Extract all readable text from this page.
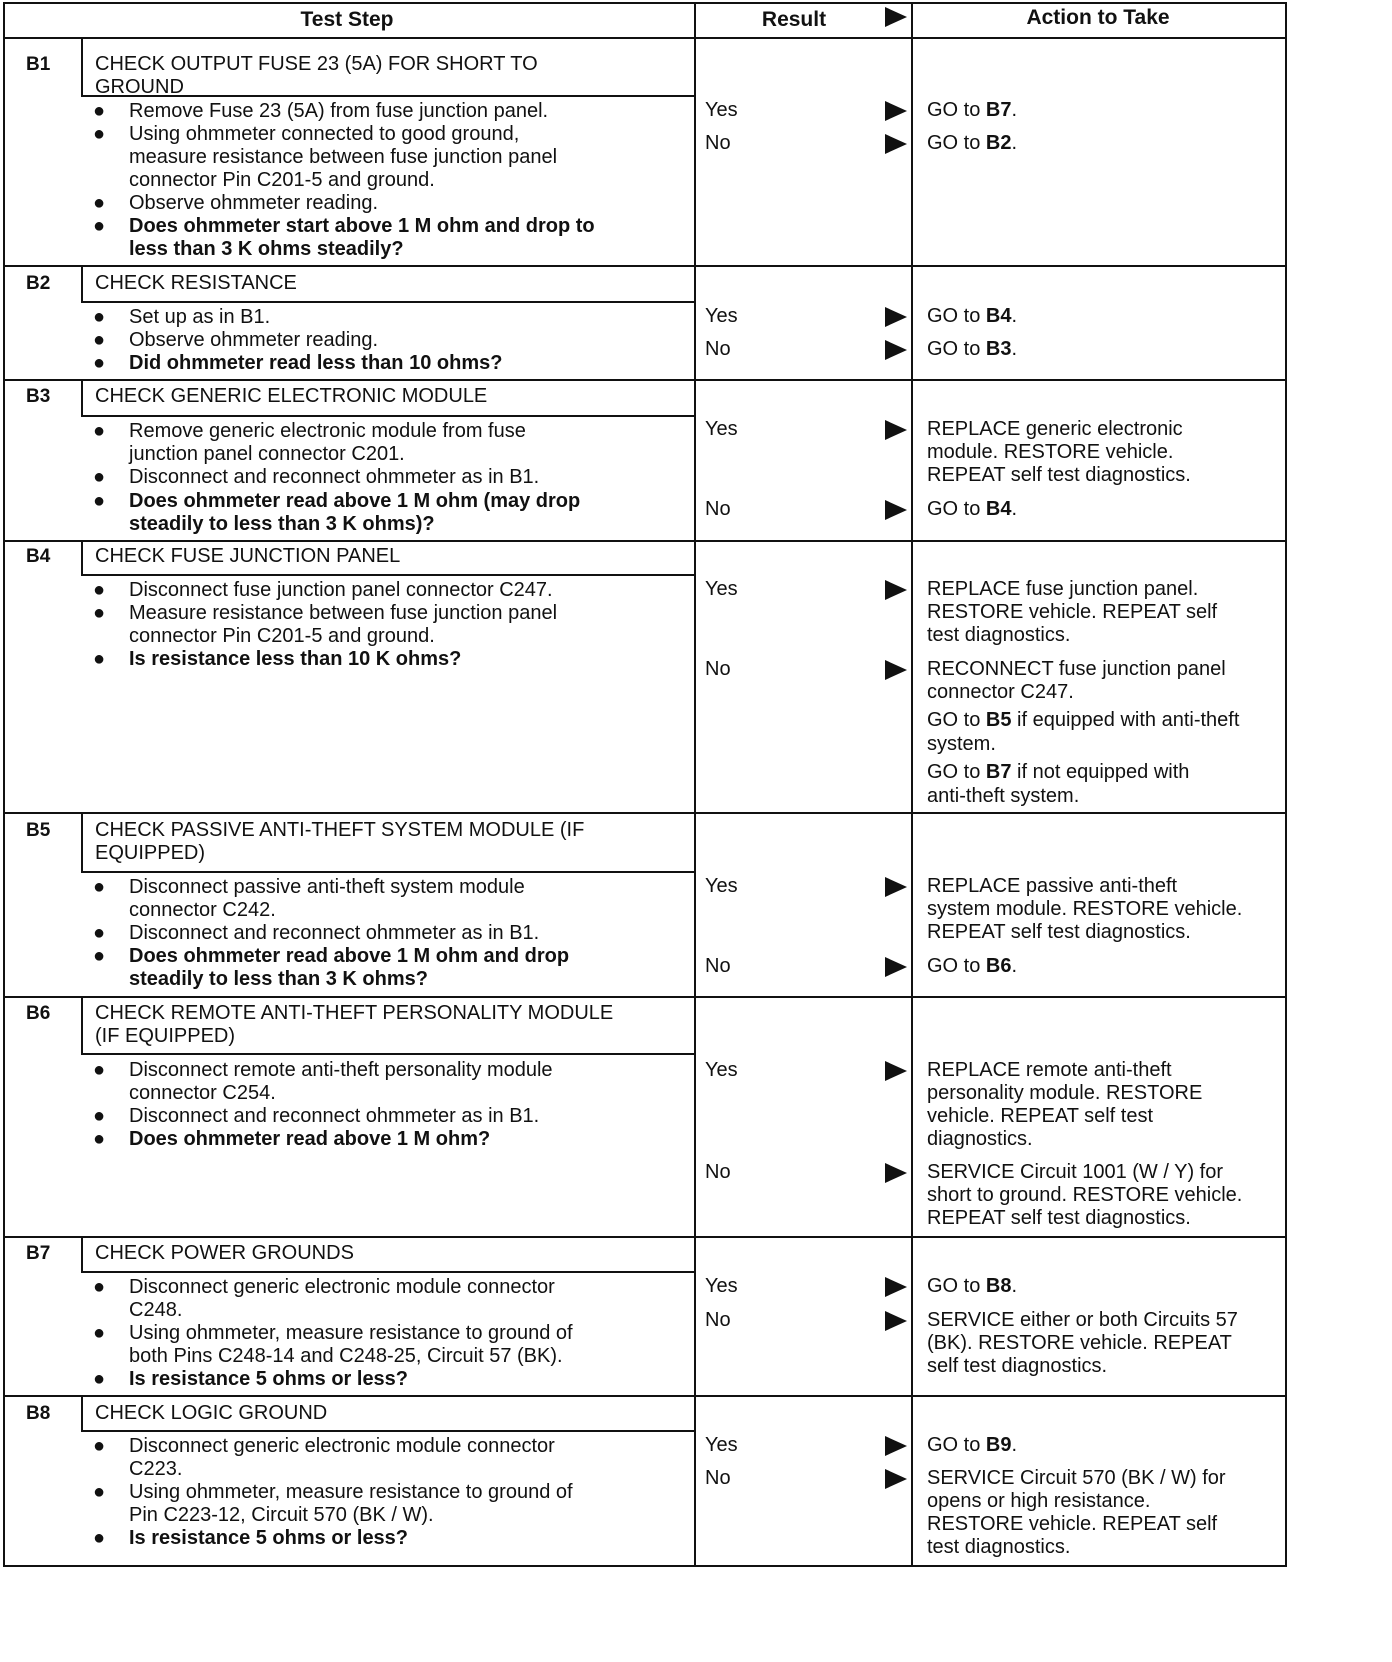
Test Step	Result	Action to Take
B1 CHECK OUTPUT FUSE 23 (5A) FOR SHORT TO
GROUND
● Remove Fuse 23 (5A) from fuse junction panel.
● Using ohmmeter connected to good ground,
measure resistance between fuse junction panel
connector Pin C201-5 and ground.
● Observe ohmmeter reading.
● Does ohmmeter start above 1 M ohm and drop to
less than 3 K ohms steadily?
Yes	GO to B7.
No	GO to B2.
B2 CHECK RESISTANCE
● Set up as in B1.
● Observe ohmmeter reading.
● Did ohmmeter read less than 10 ohms?
Yes	GO to B4.
No	GO to B3.
B3 CHECK GENERIC ELECTRONIC MODULE
● Remove generic electronic module from fuse
junction panel connector C201.
● Disconnect and reconnect ohmmeter as in B1.
● Does ohmmeter read above 1 M ohm (may drop
steadily to less than 3 K ohms)?
Yes	REPLACE generic electronic
module. RESTORE vehicle.
REPEAT self test diagnostics.
No	GO to B4.
B4 CHECK FUSE JUNCTION PANEL
● Disconnect fuse junction panel connector C247.
● Measure resistance between fuse junction panel
connector Pin C201-5 and ground.
● Is resistance less than 10 K ohms?
Yes	REPLACE fuse junction panel.
RESTORE vehicle. REPEAT self
test diagnostics.
No	RECONNECT fuse junction panel
connector C247.
GO to B5 if equipped with anti-theft
system.
GO to B7 if not equipped with
anti-theft system.
B5 CHECK PASSIVE ANTI-THEFT SYSTEM MODULE (IF
EQUIPPED)
● Disconnect passive anti-theft system module
connector C242.
● Disconnect and reconnect ohmmeter as in B1.
● Does ohmmeter read above 1 M ohm and drop
steadily to less than 3 K ohms?
Yes	REPLACE passive anti-theft
system module. RESTORE vehicle.
REPEAT self test diagnostics.
No	GO to B6.
B6 CHECK REMOTE ANTI-THEFT PERSONALITY MODULE
(IF EQUIPPED)
● Disconnect remote anti-theft personality module
connector C254.
● Disconnect and reconnect ohmmeter as in B1.
● Does ohmmeter read above 1 M ohm?
Yes	REPLACE remote anti-theft
personality module. RESTORE
vehicle. REPEAT self test
diagnostics.
No	SERVICE Circuit 1001 (W / Y) for
short to ground. RESTORE vehicle.
REPEAT self test diagnostics.
B7 CHECK POWER GROUNDS
● Disconnect generic electronic module connector
C248.
● Using ohmmeter, measure resistance to ground of
both Pins C248-14 and C248-25, Circuit 57 (BK).
● Is resistance 5 ohms or less?
Yes	GO to B8.
No	SERVICE either or both Circuits 57
(BK). RESTORE vehicle. REPEAT
self test diagnostics.
B8 CHECK LOGIC GROUND
● Disconnect generic electronic module connector
C223.
● Using ohmmeter, measure resistance to ground of
Pin C223-12, Circuit 570 (BK / W).
● Is resistance 5 ohms or less?
Yes	GO to B9.
No	SERVICE Circuit 570 (BK / W) for
opens or high resistance.
RESTORE vehicle. REPEAT self
test diagnostics.
